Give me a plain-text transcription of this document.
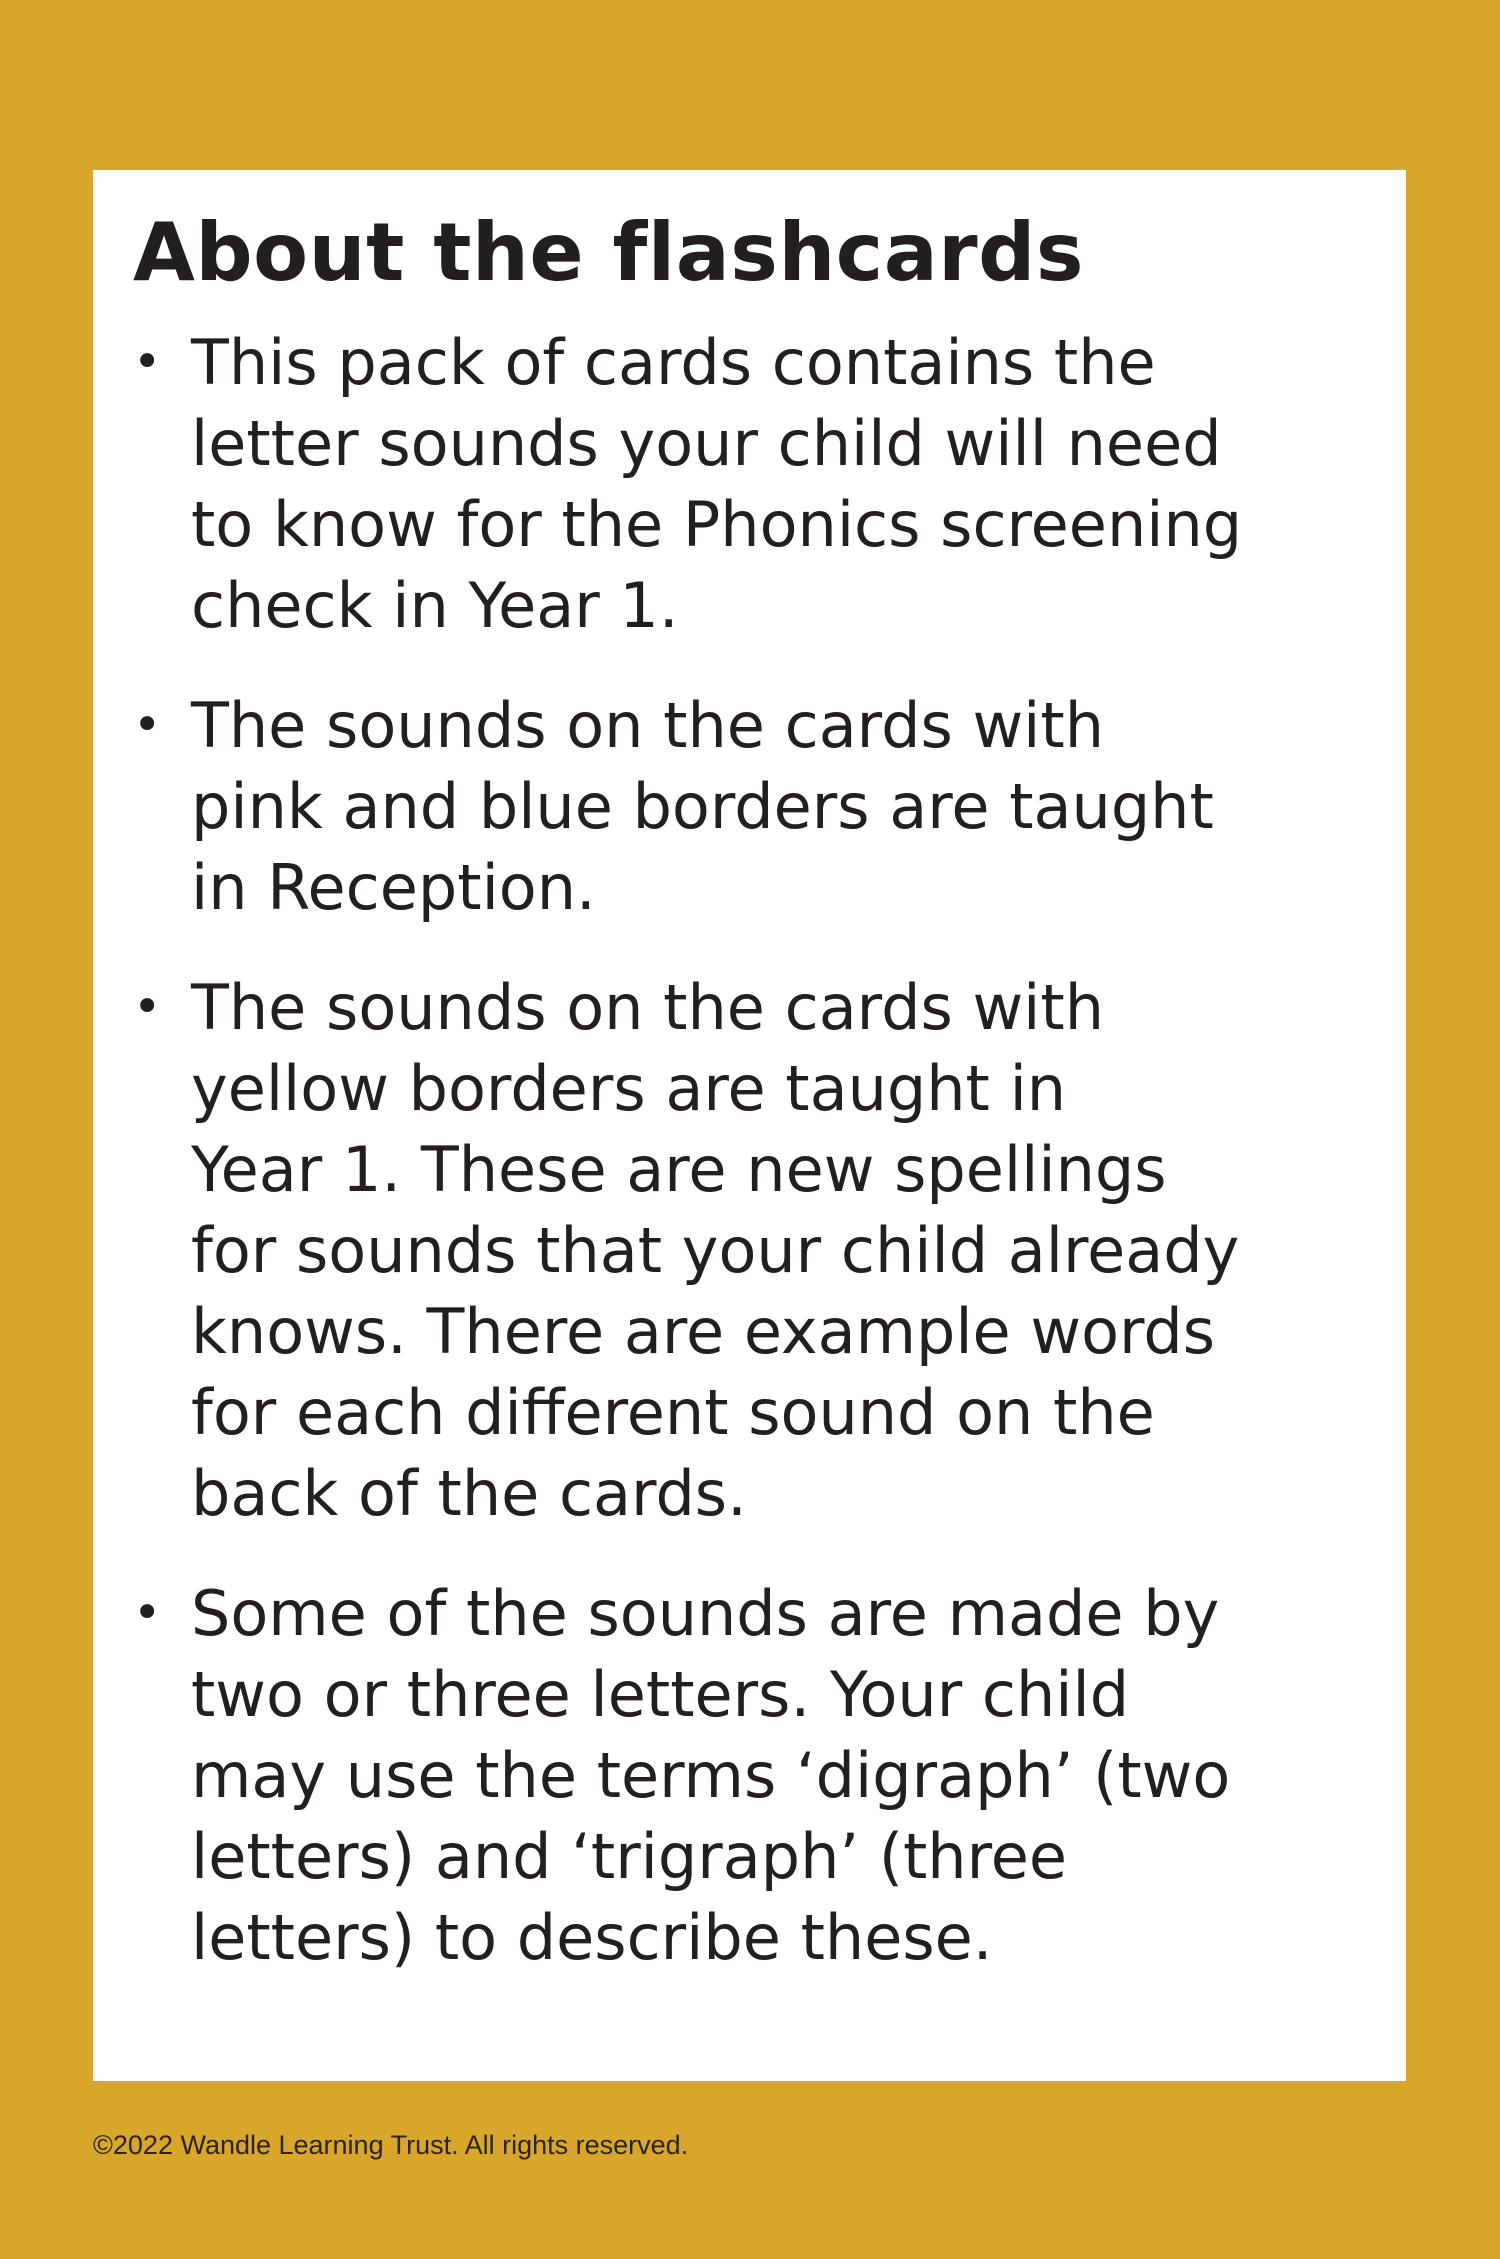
About the flashcards
• This pack of cards contains the
letter sounds your child will need
to know for the Phonics screening
check in Year 1.
• The sounds on the cards with
pink and blue borders are taught
in Reception.
• The sounds on the cards with
yellow borders are taught in
Year 1. These are new spellings
for sounds that your child already
knows. There are example words
for each different sound on the
back of the cards.
• Some of the sounds are made by
two or three letters. Your child
may use the terms ‘digraph’ (two
letters) and ‘trigraph’ (three
letters) to describe these.
©2022 Wandle Learning Trust. All rights reserved.
